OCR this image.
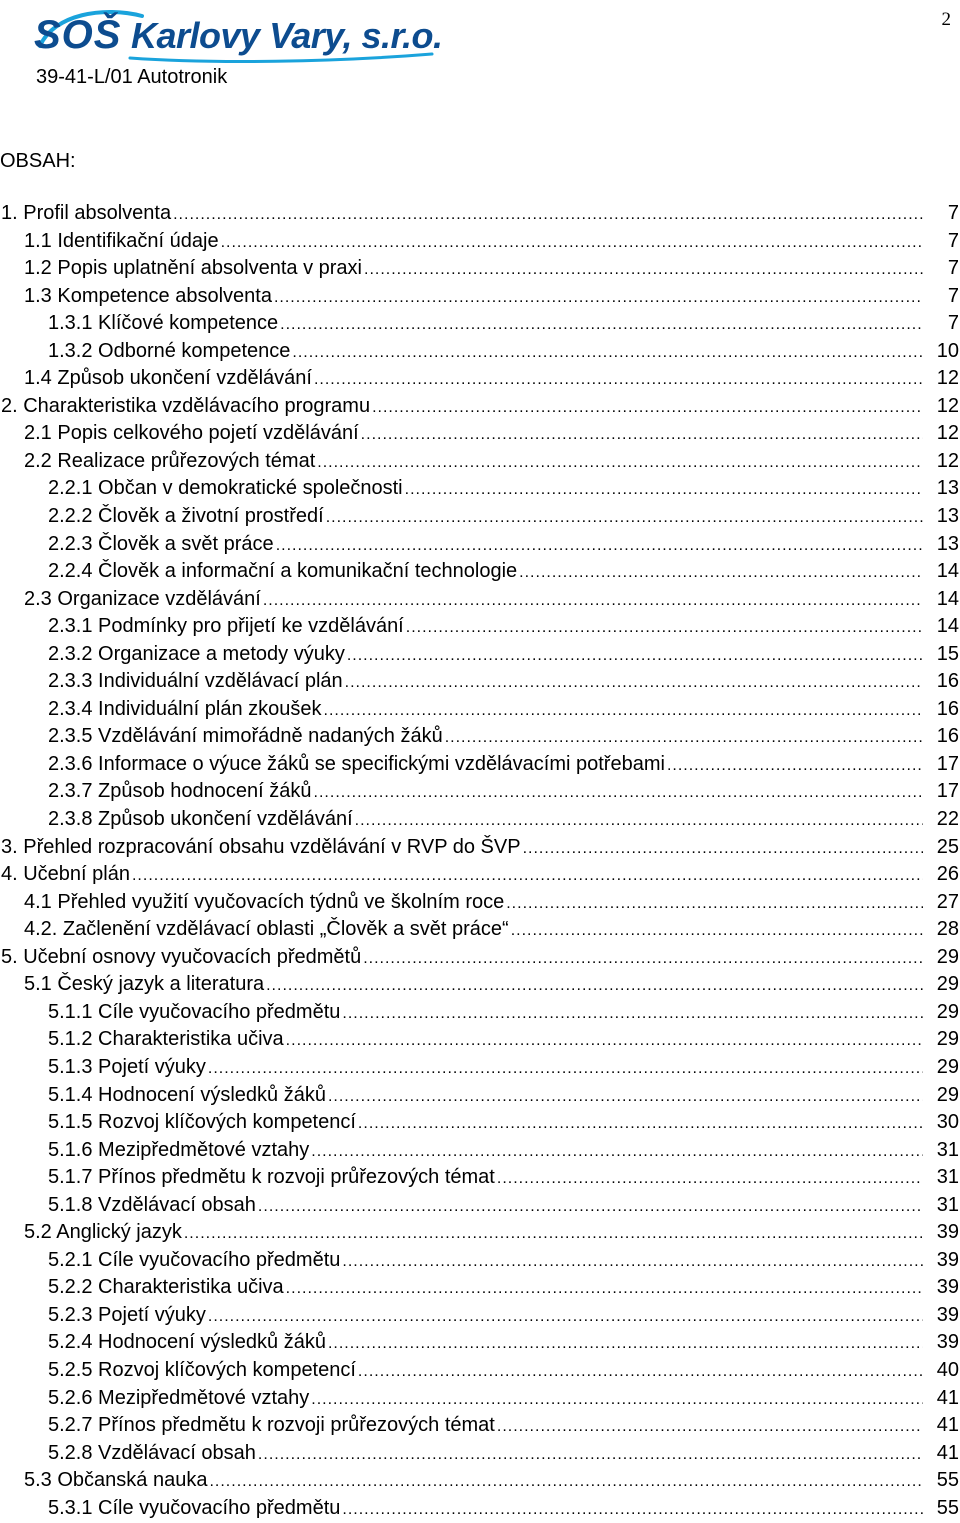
SOŠ Karlovy Vary, s.r.o.
39-41-L/01 Autotronik
2
OBSAH:
1. Profil absolventa .....	7
1.1 Identifikační údaje .....	7
1.2 Popis uplatnění absolventa v praxi .....	7
1.3 Kompetence absolventa .....	7
1.3.1 Klíčové kompetence .....	7
1.3.2 Odborné kompetence .....	10
1.4 Způsob ukončení vzdělávání .....	12
2. Charakteristika vzdělávacího programu .....	12
2.1 Popis celkového pojetí vzdělávání .....	12
2.2 Realizace průřezových témat .....	12
2.2.1 Občan v demokratické společnosti .....	13
2.2.2 Člověk a životní prostředí .....	13
2.2.3 Člověk a svět práce .....	13
2.2.4 Člověk a informační a komunikační technologie .....	14
2.3 Organizace vzdělávání .....	14
2.3.1 Podmínky pro přijetí ke vzdělávání .....	14
2.3.2 Organizace a metody výuky .....	15
2.3.3 Individuální vzdělávací plán .....	16
2.3.4 Individuální plán zkoušek .....	16
2.3.5 Vzdělávání mimořádně nadaných žáků .....	16
2.3.6 Informace o výuce žáků se specifickými vzdělávacími potřebami .....	17
2.3.7 Způsob hodnocení žáků .....	17
2.3.8 Způsob ukončení vzdělávání .....	22
3. Přehled rozpracování obsahu vzdělávání v RVP do ŠVP .....	25
4. Učební plán .....	26
4.1 Přehled využití vyučovacích týdnů ve školním roce .....	27
4.2. Začlenění vzdělávací oblasti „Člověk a svět práce“ .....	28
5. Učební osnovy vyučovacích předmětů .....	29
5.1 Český jazyk a literatura .....	29
5.1.1 Cíle vyučovacího předmětu .....	29
5.1.2 Charakteristika učiva .....	29
5.1.3 Pojetí výuky .....	29
5.1.4 Hodnocení výsledků žáků .....	29
5.1.5 Rozvoj klíčových kompetencí .....	30
5.1.6 Mezipředmětové vztahy .....	31
5.1.7 Přínos předmětu k rozvoji průřezových témat .....	31
5.1.8 Vzdělávací obsah .....	31
5.2 Anglický jazyk .....	39
5.2.1 Cíle vyučovacího předmětu .....	39
5.2.2 Charakteristika učiva .....	39
5.2.3 Pojetí výuky .....	39
5.2.4 Hodnocení výsledků žáků .....	39
5.2.5 Rozvoj klíčových kompetencí .....	40
5.2.6 Mezipředmětové vztahy .....	41
5.2.7 Přínos předmětu k rozvoji průřezových témat .....	41
5.2.8 Vzdělávací obsah .....	41
5.3 Občanská nauka .....	55
5.3.1 Cíle vyučovacího předmětu .....	55
